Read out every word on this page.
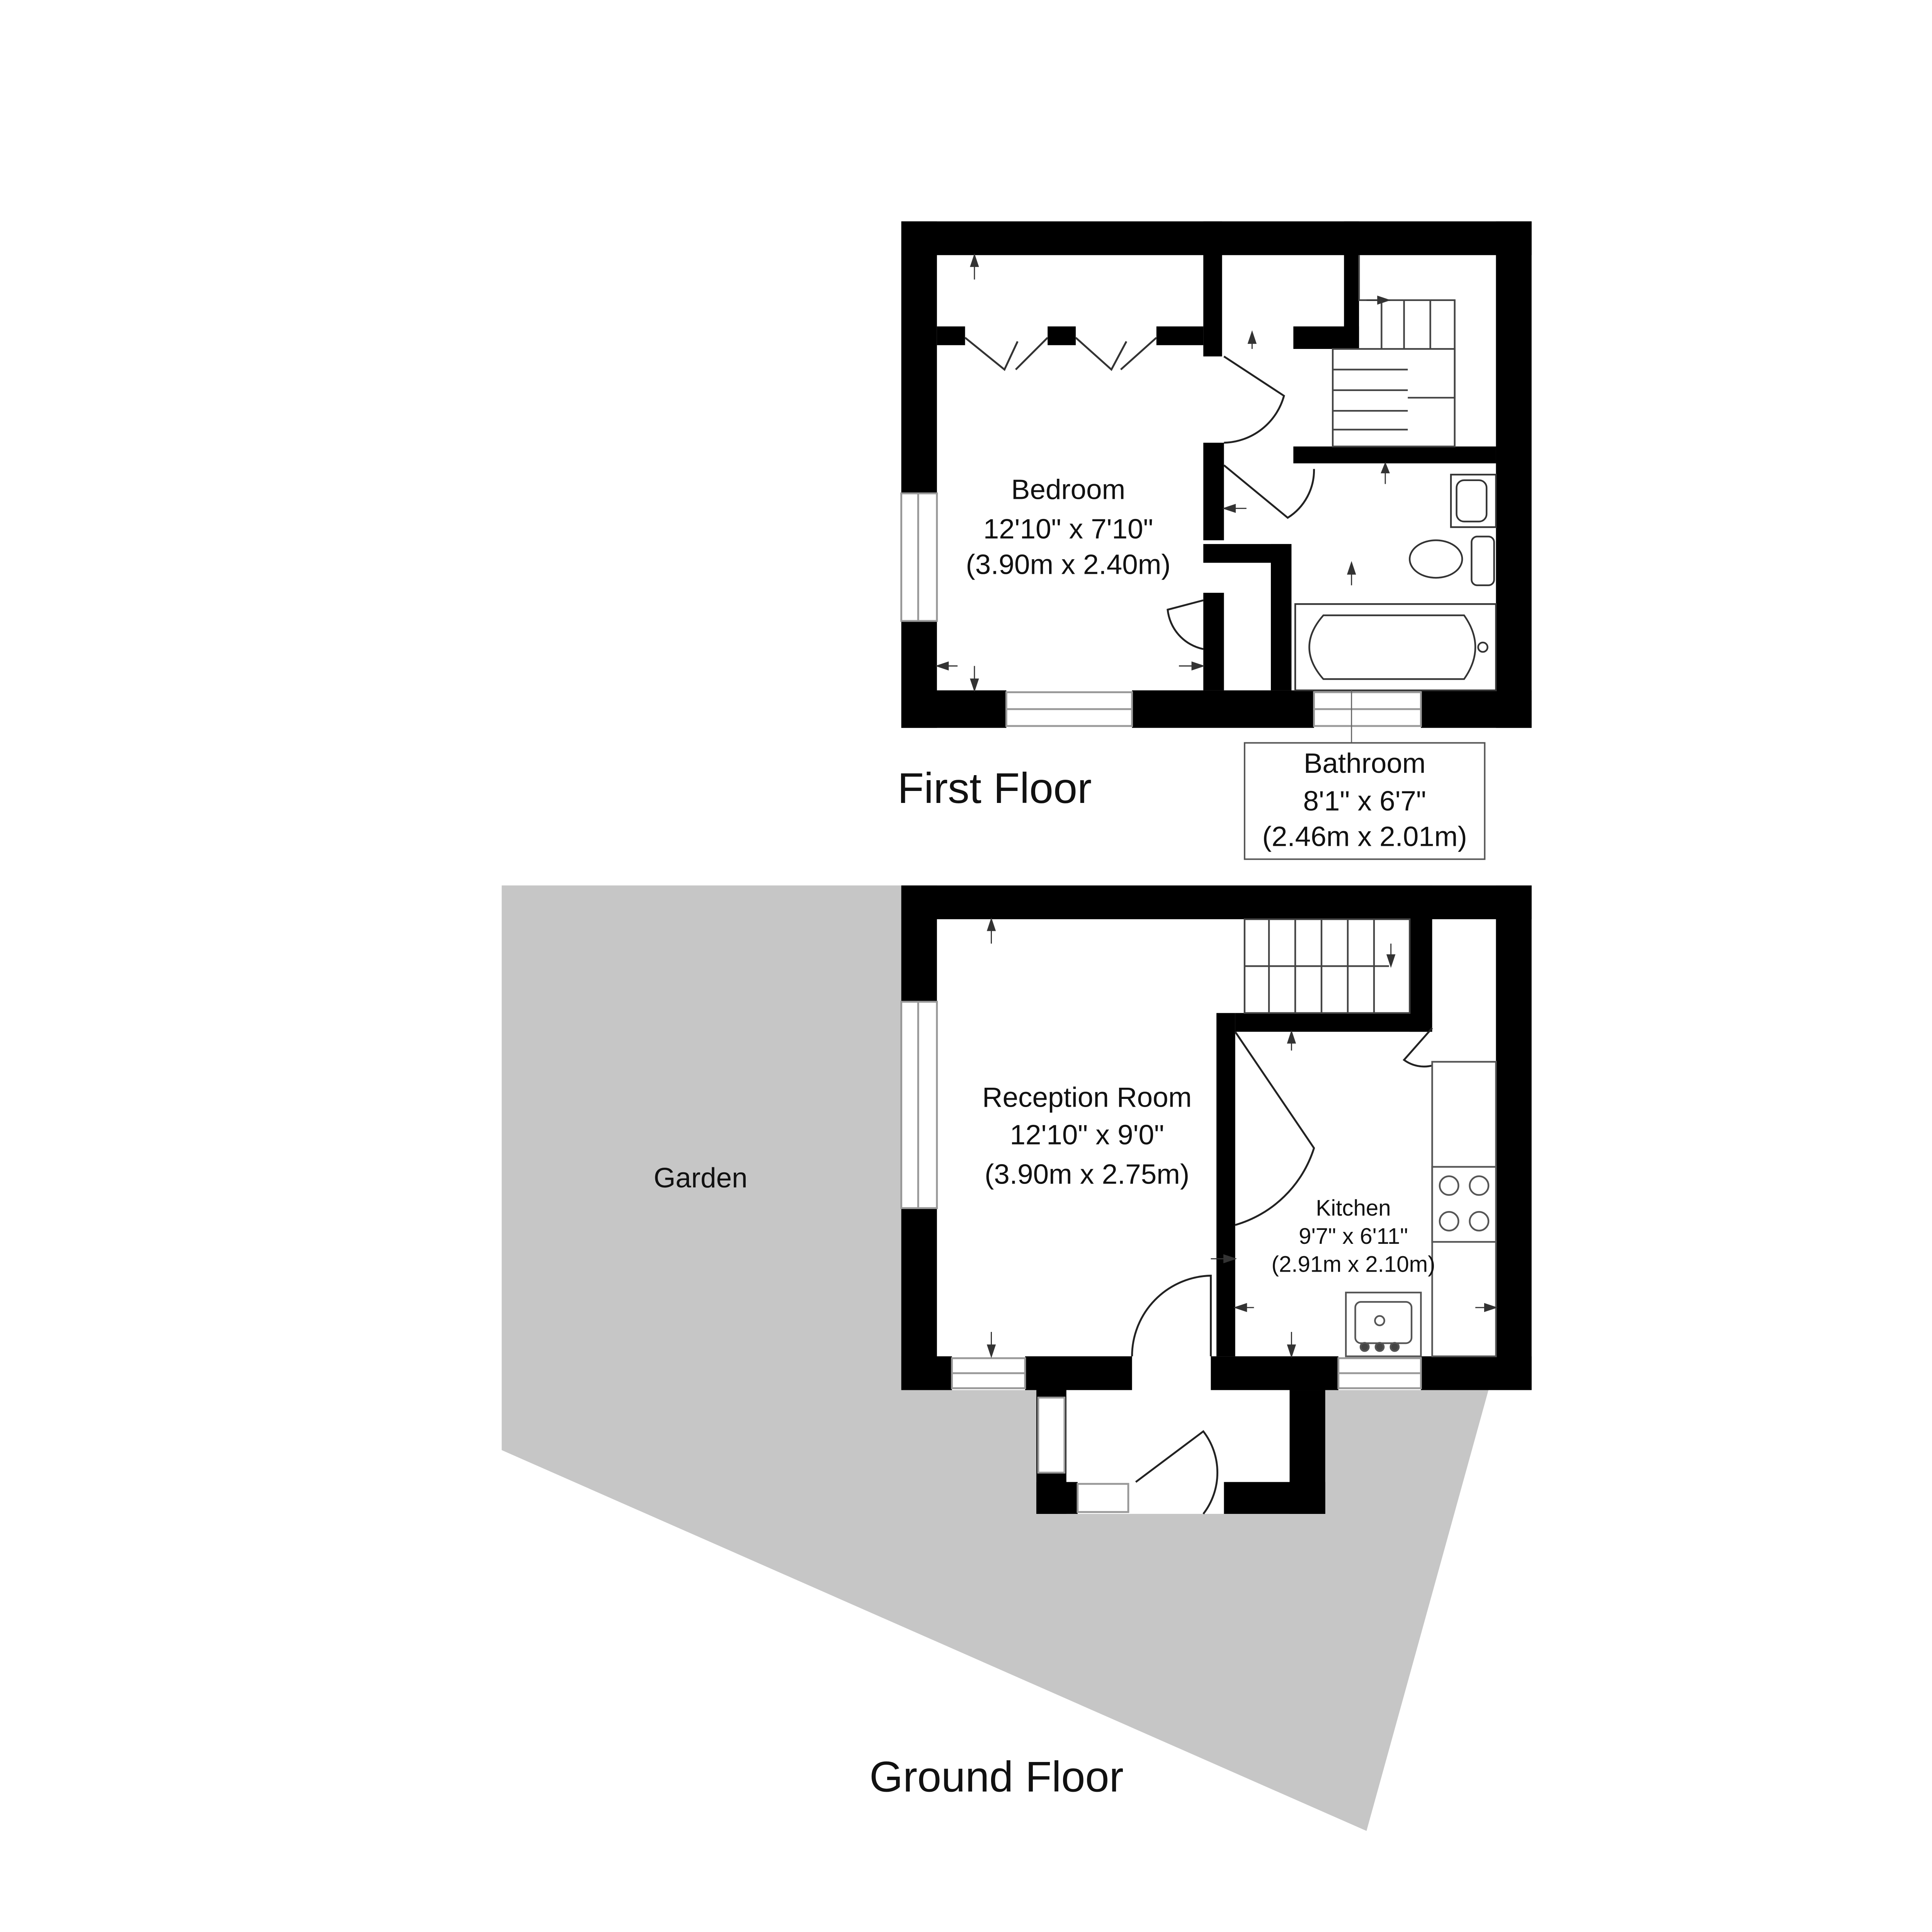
Bedroom
12'10" x 7'10"
(3.90m x 2.40m)
Bathroom
8'1" x 6'7"
(2.46m x 2.01m)
First Floor
Garden
Reception Room
12'10" x 9'0"
(3.90m x 2.75m)
Kitchen
9'7" x 6'11"
(2.91m x 2.10m)
Ground Floor
